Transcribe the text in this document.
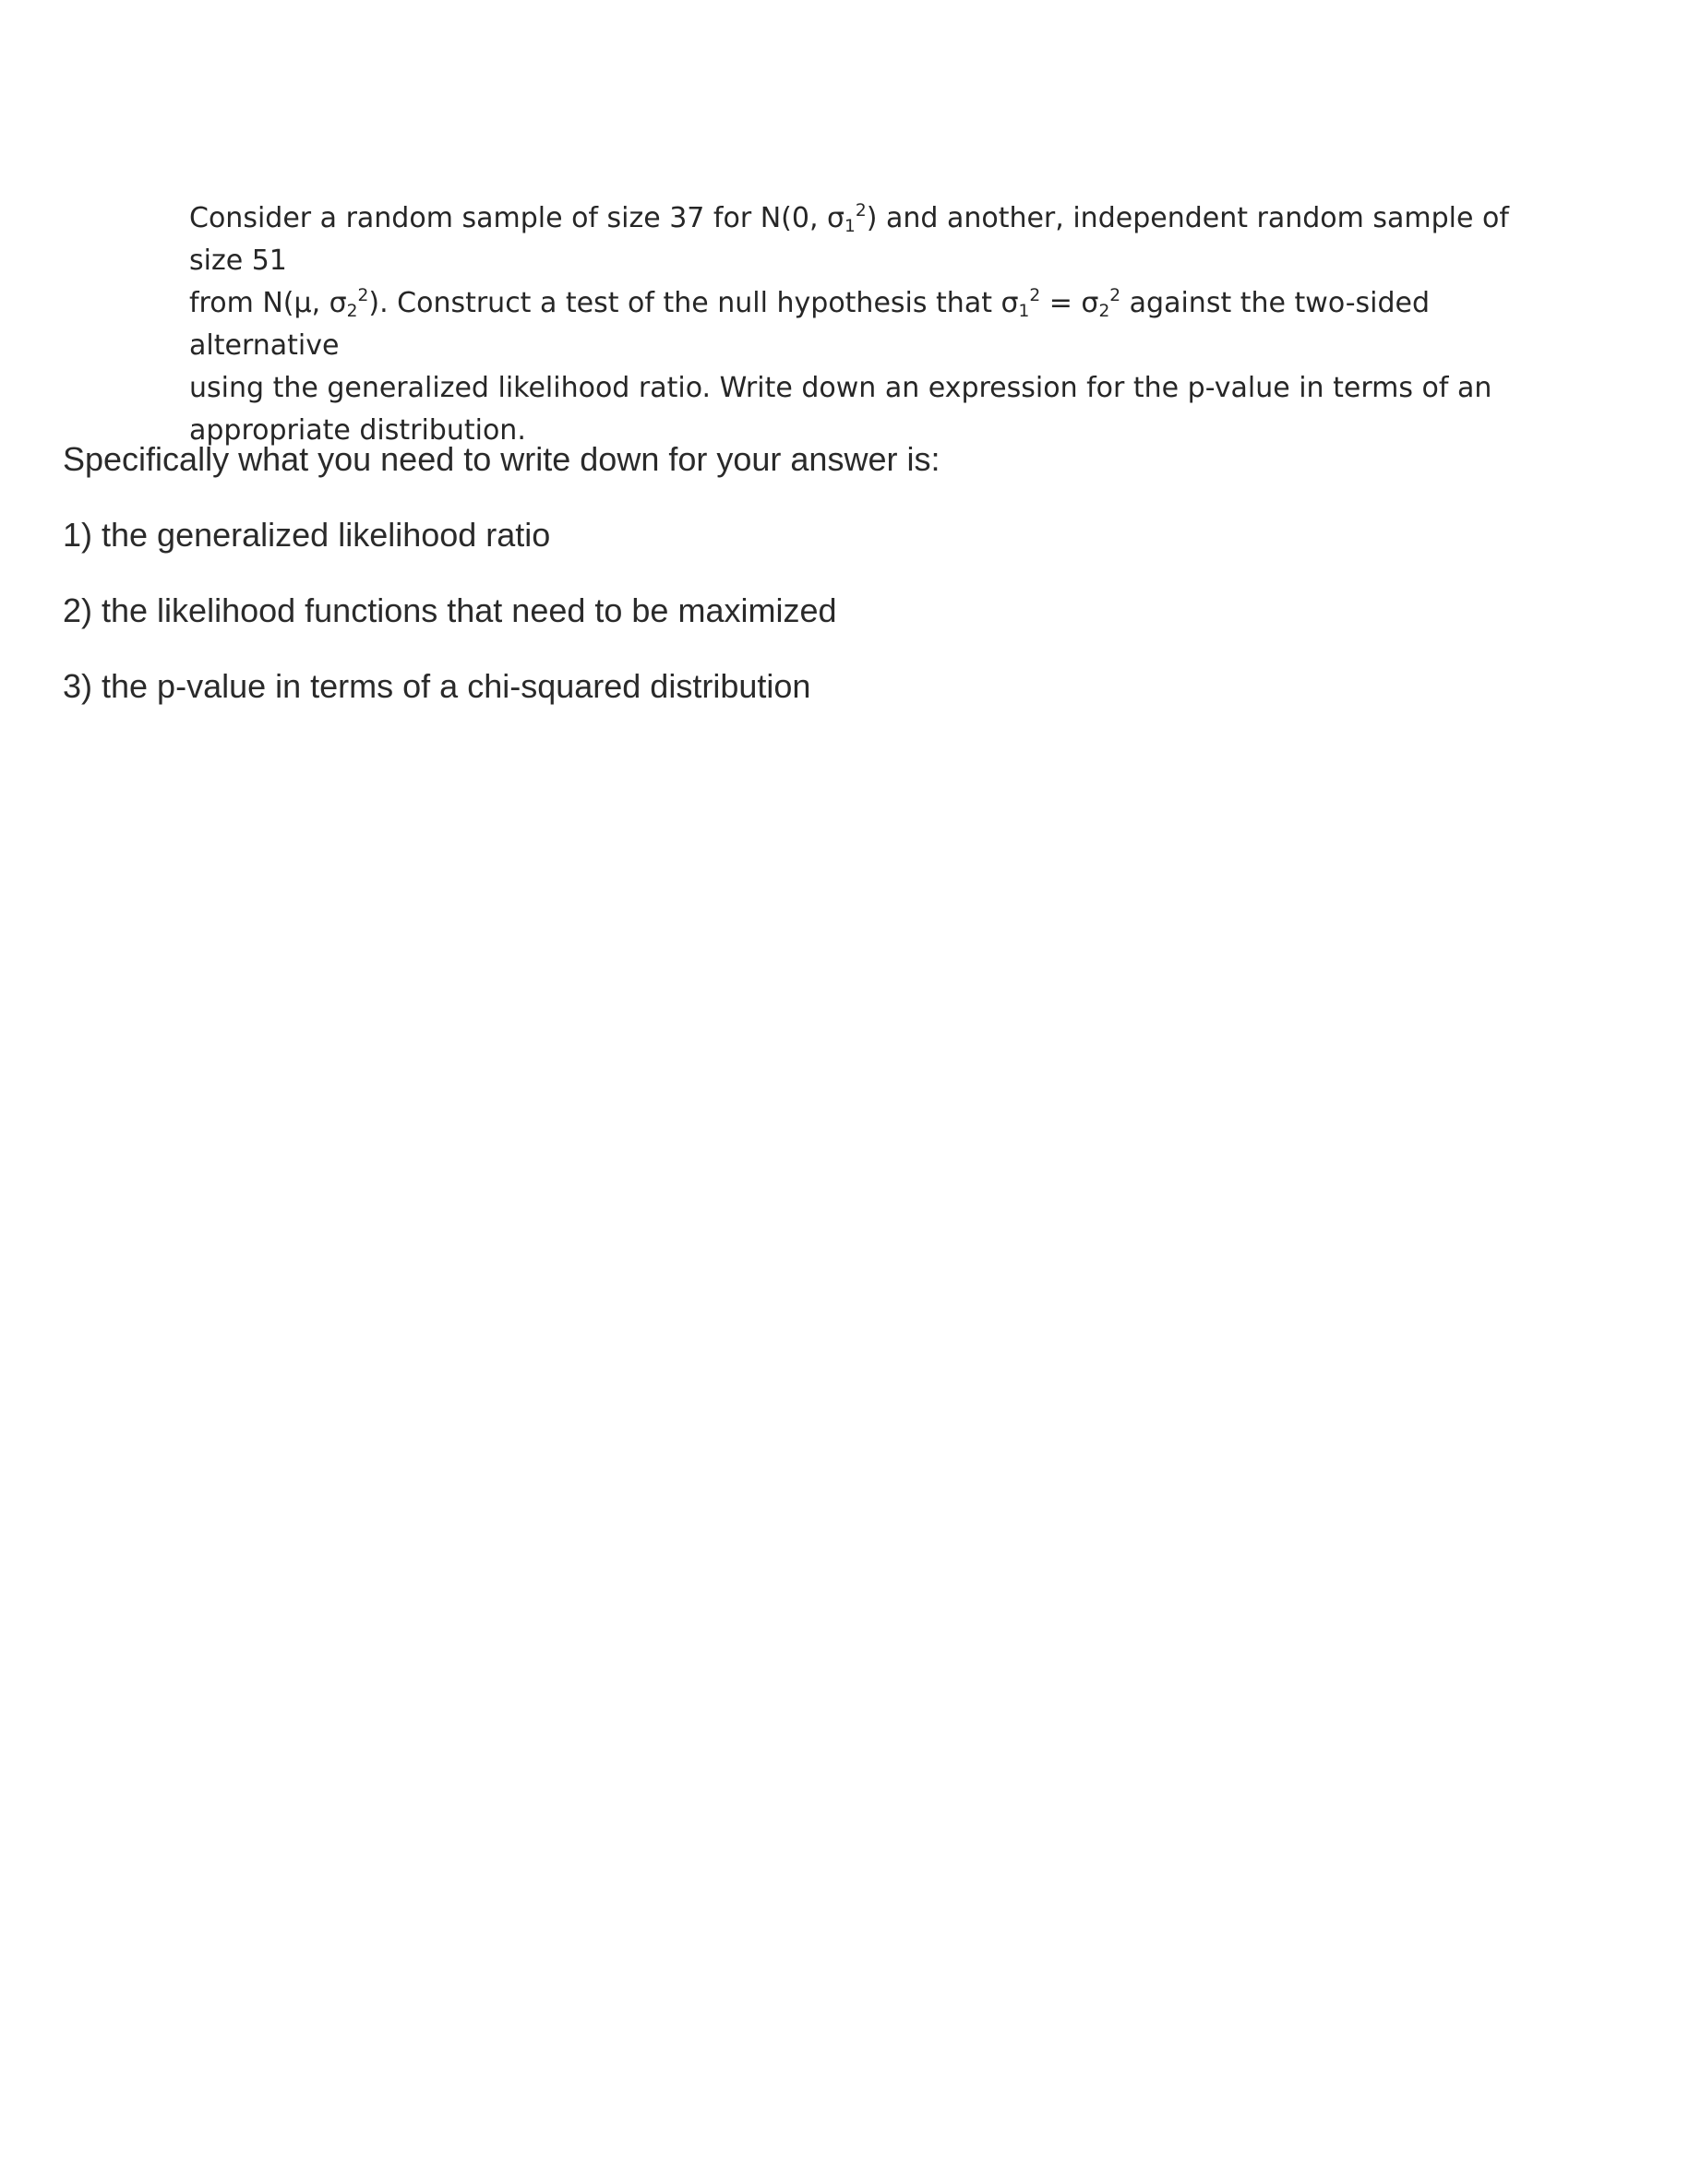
Consider a random sample of size 37 for N(0, $\sigma_1^2$) and another, independent random sample of size 51
from N(μ, $\sigma_2^2$). Construct a test of the null hypothesis that $\sigma_1^2 = \sigma_2^2$ against the two-sided alternative
using the generalized likelihood ratio. Write down an expression for the p-value in terms of an
appropriate distribution.

Specifically what you need to write down for your answer is:

1) the generalized likelihood ratio
2) the likelihood functions that need to be maximized
3) the p-value in terms of a chi-squared distribution
